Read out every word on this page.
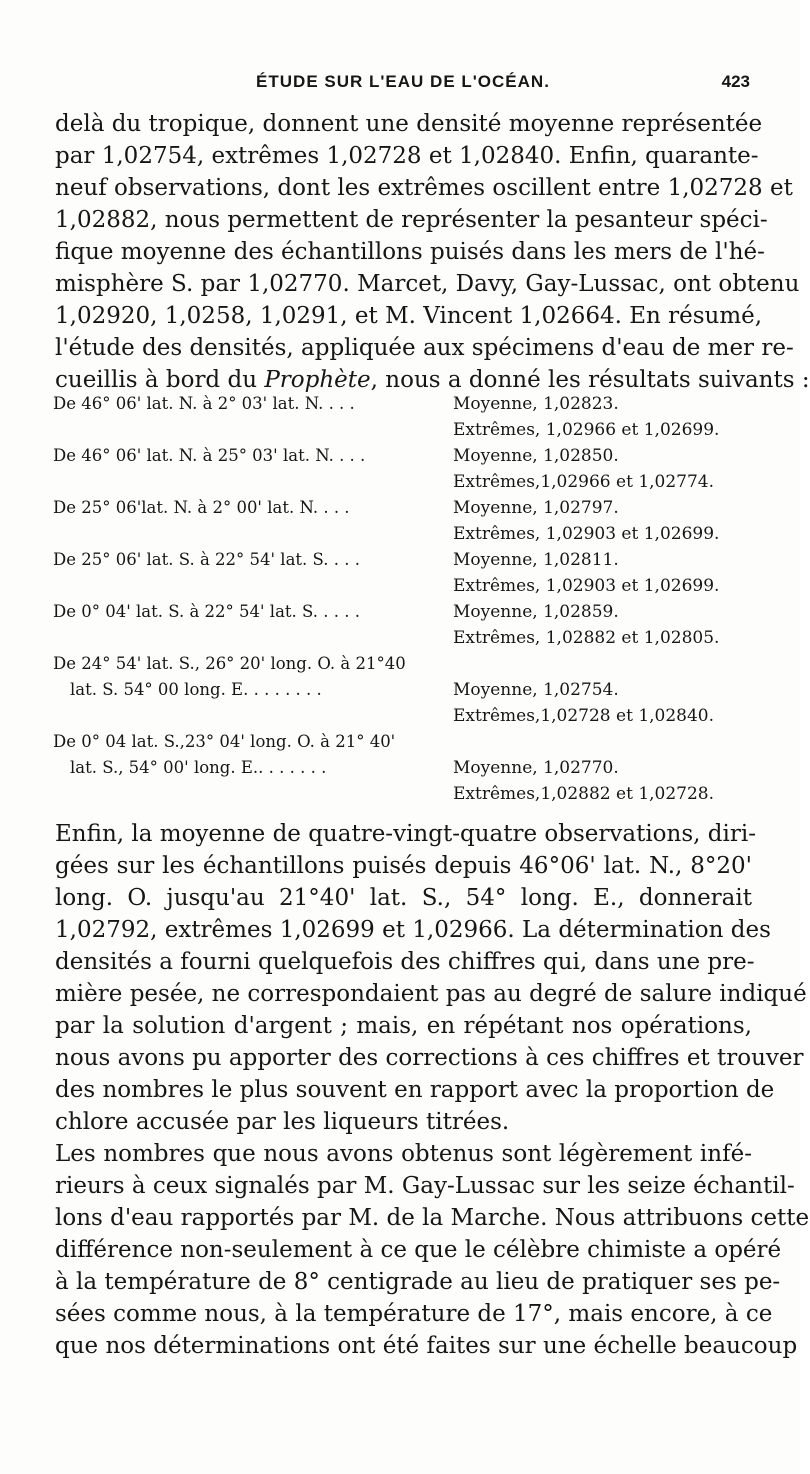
ÉTUDE SUR L'EAU DE L'OCÉAN.	423
delà du tropique, donnent une densité moyenne représentée
par 1,02754, extrêmes 1,02728 et 1,02840. Enfin, quarante-
neuf observations, dont les extrêmes oscillent entre 1,02728 et
1,02882, nous permettent de représenter la pesanteur spéci-
fique moyenne des échantillons puisés dans les mers de l'hé-
misphère S. par 1,02770. Marcet, Davy, Gay-Lussac, ont obtenu
1,02920, 1,0258, 1,0291, et M. Vincent 1,02664. En résumé,
l'étude des densités, appliquée aux spécimens d'eau de mer re-
cueillis à bord du Prophète, nous a donné les résultats suivants :
De 46° 06' lat. N. à 2° 03' lat. N. . . .	Moyenne, 1,02823.
Extrêmes, 1,02966 et 1,02699.
De 46° 06' lat. N. à 25° 03' lat. N. . . .	Moyenne, 1,02850.
Extrêmes,1,02966 et 1,02774.
De 25° 06'lat. N. à 2° 00' lat. N. . . .	Moyenne, 1,02797.
Extrêmes, 1,02903 et 1,02699.
De 25° 06' lat. S. à 22° 54' lat. S. . . .	Moyenne, 1,02811.
Extrêmes, 1,02903 et 1,02699.
De 0° 04' lat. S. à 22° 54' lat. S. . . . .	Moyenne, 1,02859.
Extrêmes, 1,02882 et 1,02805.
De 24° 54' lat. S., 26° 20' long. O. à 21°40
lat. S. 54° 00 long. E. . . . . . . .	Moyenne, 1,02754.
Extrêmes,1,02728 et 1,02840.
De 0° 04 lat. S.,23° 04' long. O. à 21° 40'
lat. S., 54° 00' long. E.. . . . . . .	Moyenne, 1,02770.
Extrêmes,1,02882 et 1,02728.
Enfin, la moyenne de quatre-vingt-quatre observations, diri-
gées sur les échantillons puisés depuis 46°06' lat. N., 8°20'
long. O. jusqu'au 21°40' lat. S., 54° long. E., donnerait
1,02792, extrêmes 1,02699 et 1,02966. La détermination des
densités a fourni quelquefois des chiffres qui, dans une pre-
mière pesée, ne correspondaient pas au degré de salure indiqué
par la solution d'argent ; mais, en répétant nos opérations,
nous avons pu apporter des corrections à ces chiffres et trouver
des nombres le plus souvent en rapport avec la proportion de
chlore accusée par les liqueurs titrées.
Les nombres que nous avons obtenus sont légèrement infé-
rieurs à ceux signalés par M. Gay-Lussac sur les seize échantil-
lons d'eau rapportés par M. de la Marche. Nous attribuons cette
différence non-seulement à ce que le célèbre chimiste a opéré
à la température de 8° centigrade au lieu de pratiquer ses pe-
sées comme nous, à la température de 17°, mais encore, à ce
que nos déterminations ont été faites sur une échelle beaucoup
